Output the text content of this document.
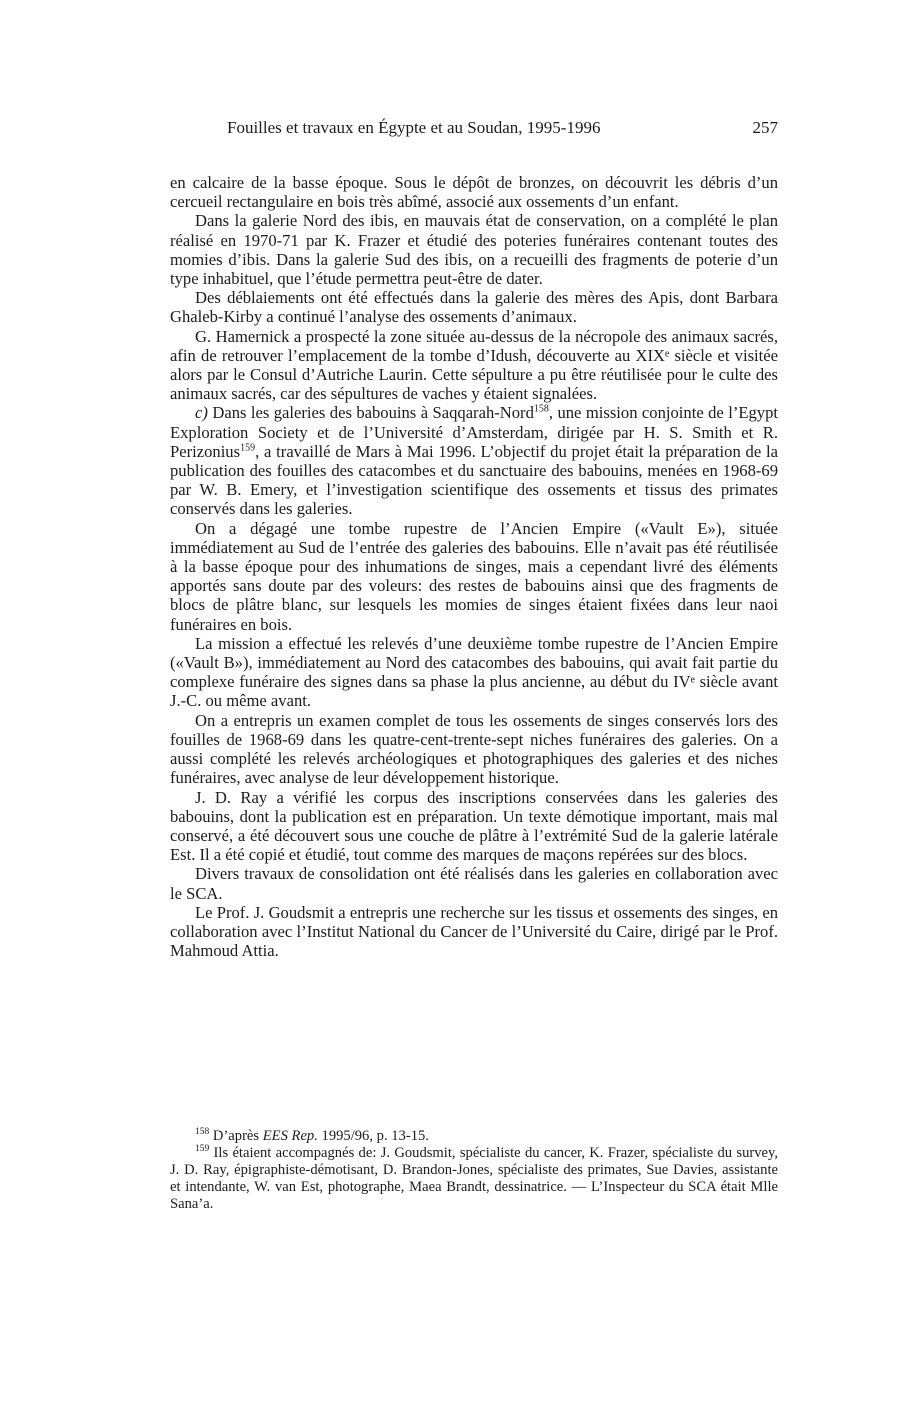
Fouilles et travaux en Égypte et au Soudan, 1995-1996	257

en calcaire de la basse époque. Sous le dépôt de bronzes, on découvrit les débris d’un cercueil rectangulaire en bois très abîmé, associé aux ossements d’un enfant.

Dans la galerie Nord des ibis, en mauvais état de conservation, on a complété le plan réalisé en 1970-71 par K. Frazer et étudié des poteries funéraires contenant toutes des momies d’ibis. Dans la galerie Sud des ibis, on a recueilli des fragments de poterie d’un type inhabituel, que l’étude permettra peut-être de dater.

Des déblaiements ont été effectués dans la galerie des mères des Apis, dont Barbara Ghaleb-Kirby a continué l’analyse des ossements d’animaux.

G. Hamernick a prospecté la zone située au-dessus de la nécropole des animaux sacrés, afin de retrouver l’emplacement de la tombe d’Idush, découverte au XIXᵉ siècle et visitée alors par le Consul d’Autriche Laurin. Cette sépulture a pu être réutilisée pour le culte des animaux sacrés, car des sépultures de vaches y étaient signalées.

c) Dans les galeries des babouins à Saqqarah-Nord$^{158}$, une mission conjointe de l’Egypt Exploration Society et de l’Université d’Amsterdam, dirigée par H. S. Smith et R. Perizonius$^{159}$, a travaillé de Mars à Mai 1996. L’objectif du projet était la préparation de la publication des fouilles des catacombes et du sanctuaire des babouins, menées en 1968-69 par W. B. Emery, et l’investigation scientifique des ossements et tissus des primates conservés dans les galeries.

On a dégagé une tombe rupestre de l’Ancien Empire («Vault E»), située immédiatement au Sud de l’entrée des galeries des babouins. Elle n’avait pas été réutilisée à la basse époque pour des inhumations de singes, mais a cependant livré des éléments apportés sans doute par des voleurs: des restes de babouins ainsi que des fragments de blocs de plâtre blanc, sur lesquels les momies de singes étaient fixées dans leur naoi funéraires en bois.

La mission a effectué les relevés d’une deuxième tombe rupestre de l’Ancien Empire («Vault B»), immédiatement au Nord des catacombes des babouins, qui avait fait partie du complexe funéraire des signes dans sa phase la plus ancienne, au début du IVᵉ siècle avant J.-C. ou même avant.

On a entrepris un examen complet de tous les ossements de singes conservés lors des fouilles de 1968-69 dans les quatre-cent-trente-sept niches funéraires des galeries. On a aussi complété les relevés archéologiques et photographiques des galeries et des niches funéraires, avec analyse de leur développement historique.

J. D. Ray a vérifié les corpus des inscriptions conservées dans les galeries des babouins, dont la publication est en préparation. Un texte démotique important, mais mal conservé, a été découvert sous une couche de plâtre à l’extrémité Sud de la galerie latérale Est. Il a été copié et étudié, tout comme des marques de maçons repérées sur des blocs.

Divers travaux de consolidation ont été réalisés dans les galeries en collaboration avec le SCA.

Le Prof. J. Goudsmit a entrepris une recherche sur les tissus et ossements des singes, en collaboration avec l’Institut National du Cancer de l’Université du Caire, dirigé par le Prof. Mahmoud Attia.

$^{158}$ D’après EES Rep. 1995/96, p. 13-15.

$^{159}$ Ils étaient accompagnés de: J. Goudsmit, spécialiste du cancer, K. Frazer, spécialiste du survey, J. D. Ray, épigraphiste-démotisant, D. Brandon-Jones, spécialiste des primates, Sue Davies, assistante et intendante, W. van Est, photographe, Maea Brandt, dessinatrice. — L’Inspecteur du SCA était Mlle Sana’a.
